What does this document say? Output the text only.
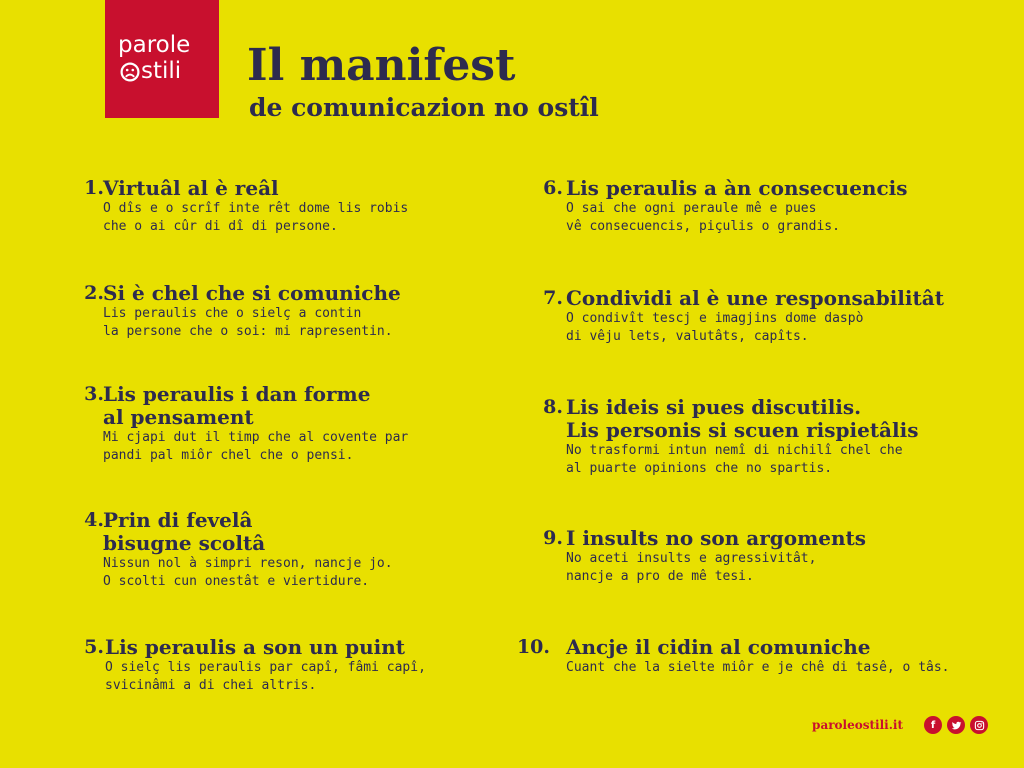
parole
stili Il manifest
de comunicazion no ostîl
1. Virtuâl al è reâl
O dîs e o scrîf inte rêt dome lis robis
che o ai cûr di dî di persone.
2. Si è chel che si comuniche
Lis peraulis che o sielç a contin
la persone che o soi: mi rapresentin.
3. Lis peraulis i dan forme
al pensament
Mi cjapi dut il timp che al covente par
pandi pal miôr chel che o pensi.
4. Prin di fevelâ
bisugne scoltâ
Nissun nol à simpri reson, nancje jo.
O scolti cun onestât e viertidure.
5. Lis peraulis a son un puint
O sielç lis peraulis par capî, fâmi capî,
svicinâmi a di chei altris.
6. Lis peraulis a àn consecuencis
O sai che ogni peraule mê e pues
vê consecuencis, piçulis o grandis.
7. Condividi al è une responsabilitât
O condivît tescj e imagjins dome daspò
di vêju lets, valutâts, capîts.
8. Lis ideis si pues discutilis.
Lis personis si scuen rispietâlis
No trasformi intun nemî di nichilî chel che
al puarte opinions che no spartis.
9. I insults no son argoments
No aceti insults e agressivitât,
nancje a pro de mê tesi.
10. Ancje il cidin al comuniche
Cuant che la sielte miôr e je chê di tasê, o tâs.
paroleostili.it	f
